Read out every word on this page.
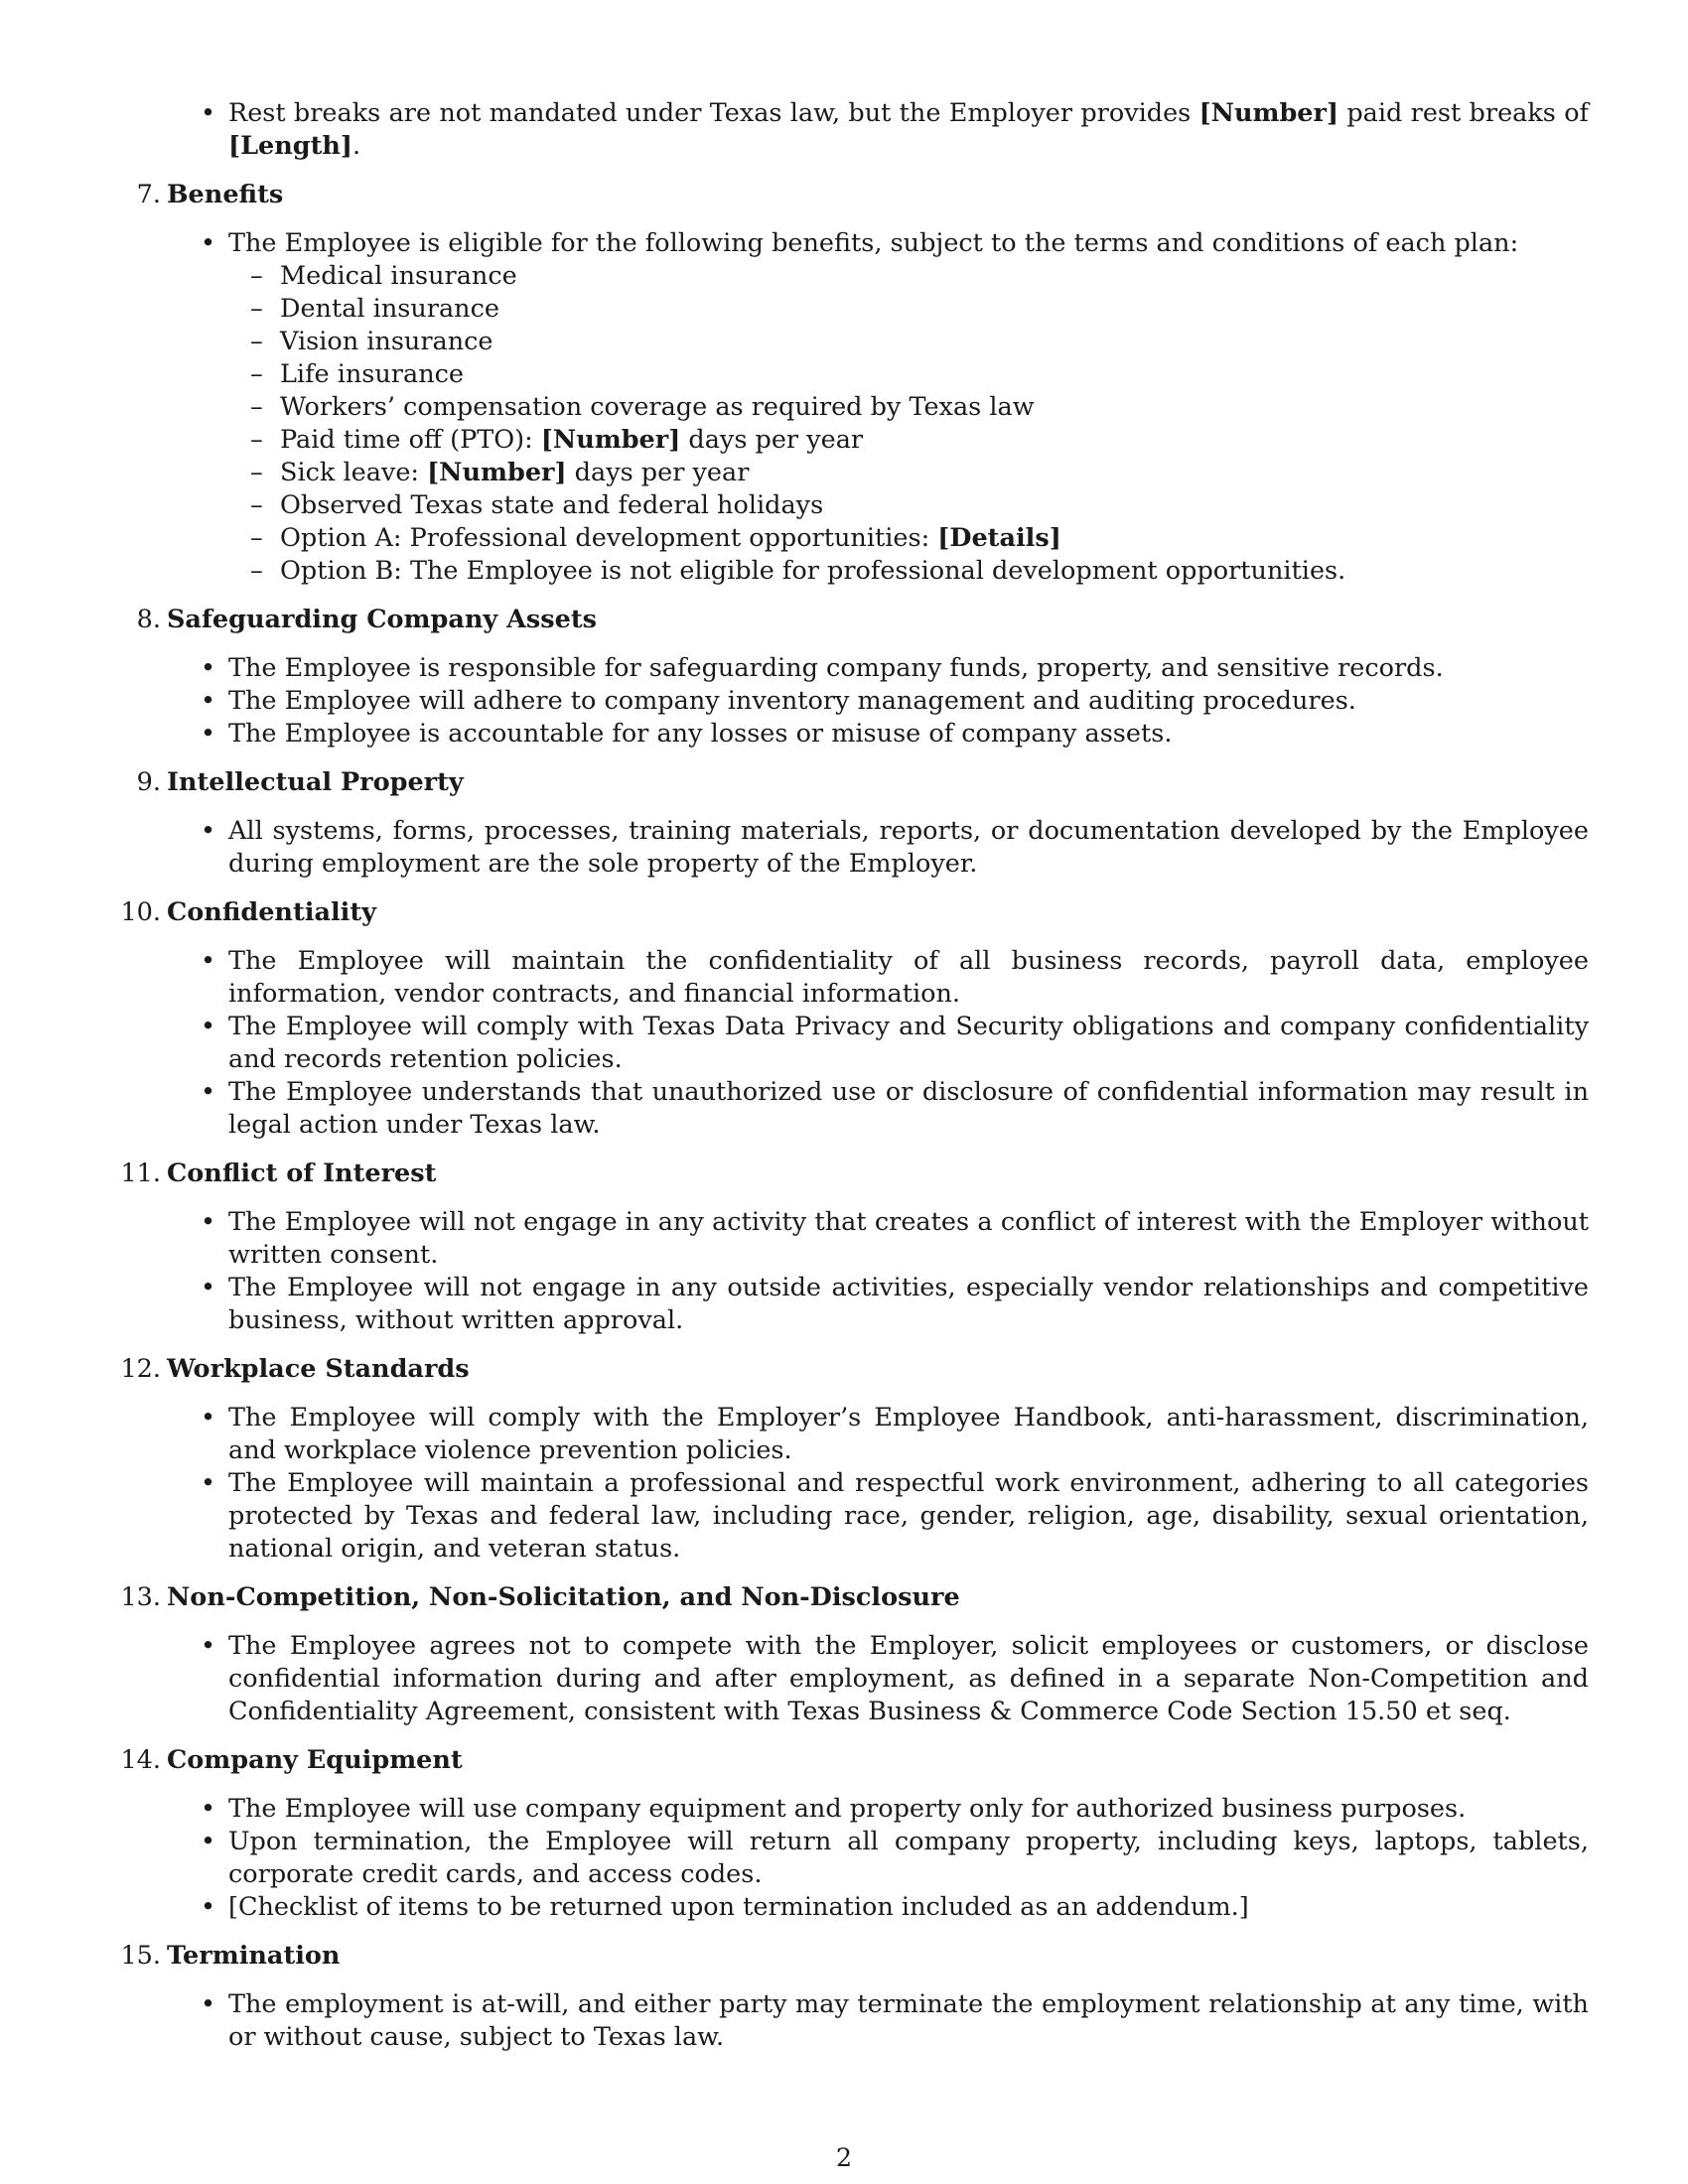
• Rest breaks are not mandated under Texas law, but the Employer provides [Number] paid rest breaks of [Length].
7. Benefits
• The Employee is eligible for the following benefits, subject to the terms and conditions of each plan:
– Medical insurance
– Dental insurance
– Vision insurance
– Life insurance
– Workers’ compensation coverage as required by Texas law
– Paid time off (PTO): [Number] days per year
– Sick leave: [Number] days per year
– Observed Texas state and federal holidays
– Option A: Professional development opportunities: [Details]
– Option B: The Employee is not eligible for professional development opportunities.
8. Safeguarding Company Assets
• The Employee is responsible for safeguarding company funds, property, and sensitive records.
• The Employee will adhere to company inventory management and auditing procedures.
• The Employee is accountable for any losses or misuse of company assets.
9. Intellectual Property
• All systems, forms, processes, training materials, reports, or documentation developed by the Employee during employment are the sole property of the Employer.
10. Confidentiality
• The Employee will maintain the confidentiality of all business records, payroll data, employee information, vendor contracts, and financial information.
• The Employee will comply with Texas Data Privacy and Security obligations and company confidentiality and records retention policies.
• The Employee understands that unauthorized use or disclosure of confidential information may result in legal action under Texas law.
11. Conflict of Interest
• The Employee will not engage in any activity that creates a conflict of interest with the Employer without written consent.
• The Employee will not engage in any outside activities, especially vendor relationships and competitive business, without written approval.
12. Workplace Standards
• The Employee will comply with the Employer’s Employee Handbook, anti-harassment, discrimination, and workplace violence prevention policies.
• The Employee will maintain a professional and respectful work environment, adhering to all categories protected by Texas and federal law, including race, gender, religion, age, disability, sexual orientation, national origin, and veteran status.
13. Non-Competition, Non-Solicitation, and Non-Disclosure
• The Employee agrees not to compete with the Employer, solicit employees or customers, or disclose confidential information during and after employment, as defined in a separate Non-Competition and Confidentiality Agreement, consistent with Texas Business & Commerce Code Section 15.50 et seq.
14. Company Equipment
• The Employee will use company equipment and property only for authorized business purposes.
• Upon termination, the Employee will return all company property, including keys, laptops, tablets, corporate credit cards, and access codes.
• [Checklist of items to be returned upon termination included as an addendum.]
15. Termination
• The employment is at-will, and either party may terminate the employment relationship at any time, with or without cause, subject to Texas law.
2
